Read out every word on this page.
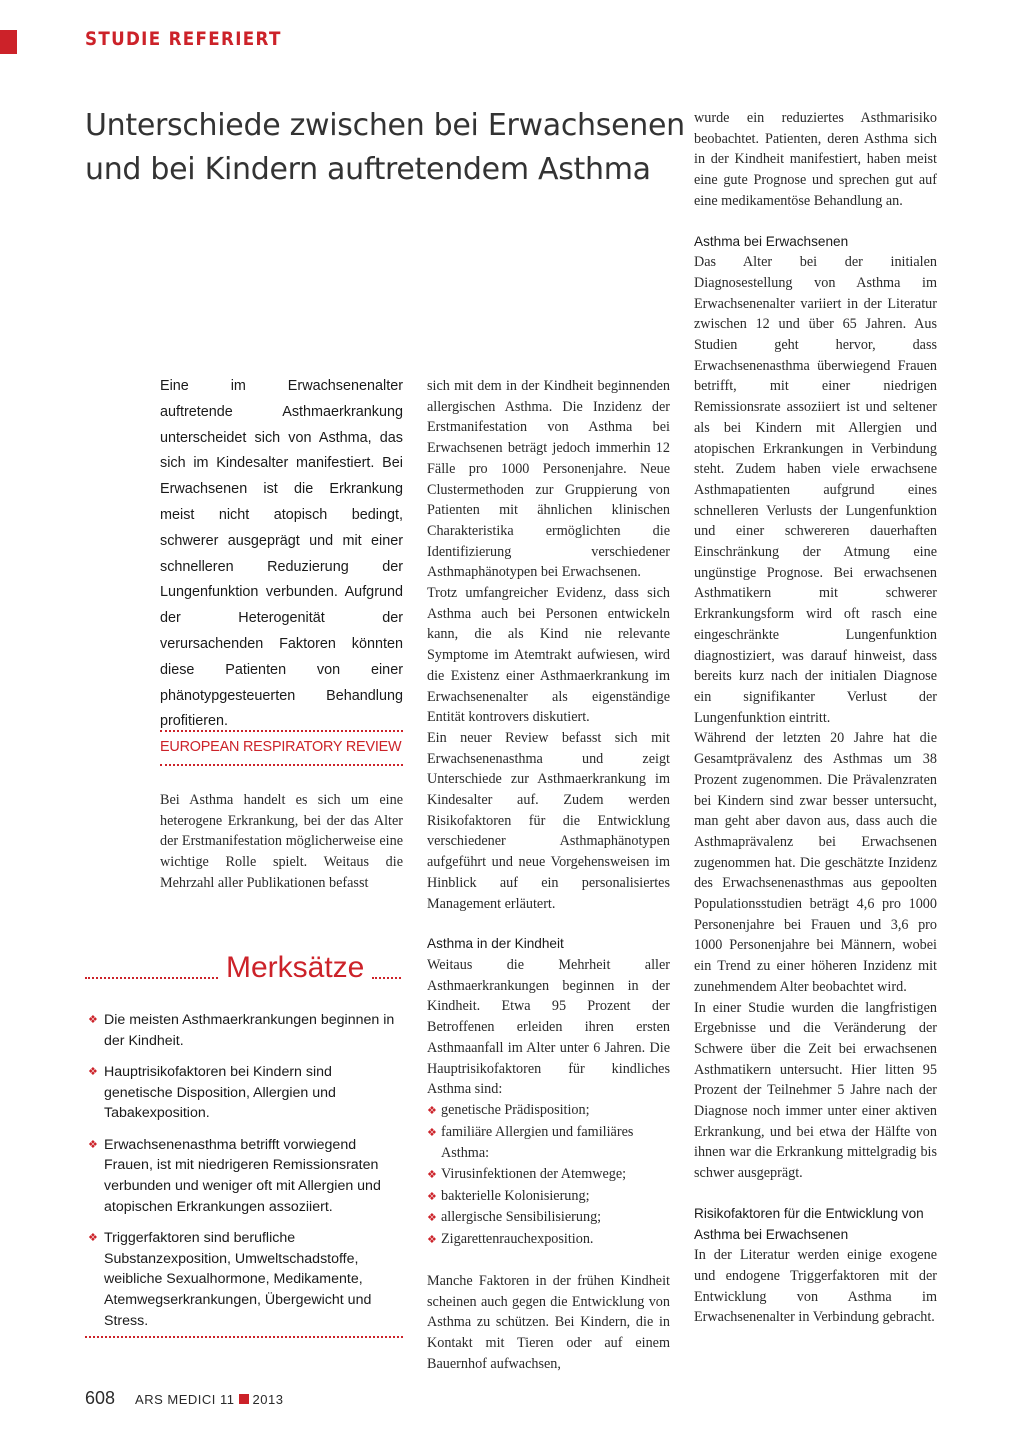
STUDIE REFERIERT
Unterschiede zwischen bei Erwachsenen und bei Kindern auftretendem Asthma

Eine im Erwachsenenalter auftretende Asthmaerkrankung unterscheidet sich von Asthma, das sich im Kindesalter manifestiert. Bei Erwachsenen ist die Erkrankung meist nicht atopisch bedingt, schwerer ausgeprägt und mit einer schnelleren Reduzierung der Lungenfunktion verbunden. Aufgrund der Heterogenität der verursachenden Faktoren könnten diese Patienten von einer phänotypgesteuerten Behandlung profitieren.

EUROPEAN RESPIRATORY REVIEW

Bei Asthma handelt es sich um eine heterogene Erkrankung, bei der das Alter der Erstmanifestation möglicherweise eine wichtige Rolle spielt. Weitaus die Mehrzahl aller Publikationen befasst

Merksätze
❖ Die meisten Asthmaerkrankungen beginnen in der Kindheit.
❖ Hauptrisikofaktoren bei Kindern sind genetische Disposition, Allergien und Tabakexposition.
❖ Erwachsenenasthma betrifft vorwiegend Frauen, ist mit niedrigeren Remissionsraten verbunden und weniger oft mit Allergien und atopischen Erkrankungen assoziiert.
❖ Triggerfaktoren sind berufliche Substanzexposition, Umweltschadstoffe, weibliche Sexualhormone, Medikamente, Atemwegserkrankungen, Übergewicht und Stress.

sich mit dem in der Kindheit beginnenden allergischen Asthma. Die Inzidenz der Erstmanifestation von Asthma bei Erwachsenen beträgt jedoch immerhin 12 Fälle pro 1000 Personenjahre. Neue Clustermethoden zur Gruppierung von Patienten mit ähnlichen klinischen Charakteristika ermöglichten die Identifizierung verschiedener Asthmaphänotypen bei Erwachsenen.

Trotz umfangreicher Evidenz, dass sich Asthma auch bei Personen entwickeln kann, die als Kind nie relevante Symptome im Atemtrakt aufwiesen, wird die Existenz einer Asthmaerkrankung im Erwachsenenalter als eigenständige Entität kontrovers diskutiert.

Ein neuer Review befasst sich mit Erwachsenenasthma und zeigt Unterschiede zur Asthmaerkrankung im Kindesalter auf. Zudem werden Risikofaktoren für die Entwicklung verschiedener Asthmaphänotypen aufgeführt und neue Vorgehensweisen im Hinblick auf ein personalisiertes Management erläutert.

Asthma in der Kindheit

Weitaus die Mehrheit aller Asthmaerkrankungen beginnen in der Kindheit. Etwa 95 Prozent der Betroffenen erleiden ihren ersten Asthmaanfall im Alter unter 6 Jahren. Die Hauptrisikofaktoren für kindliches Asthma sind:

❖ genetische Prädisposition;
❖ familiäre Allergien und familiäres Asthma:
❖ Virusinfektionen der Atemwege;
❖ bakterielle Kolonisierung;
❖ allergische Sensibilisierung;
❖ Zigarettenrauchexposition.

Manche Faktoren in der frühen Kindheit scheinen auch gegen die Entwicklung von Asthma zu schützen. Bei Kindern, die in Kontakt mit Tieren oder auf einem Bauernhof aufwachsen,

wurde ein reduziertes Asthmarisiko beobachtet. Patienten, deren Asthma sich in der Kindheit manifestiert, haben meist eine gute Prognose und sprechen gut auf eine medikamentöse Behandlung an.

Asthma bei Erwachsenen

Das Alter bei der initialen Diagnosestellung von Asthma im Erwachsenenalter variiert in der Literatur zwischen 12 und über 65 Jahren. Aus Studien geht hervor, dass Erwachsenenasthma überwiegend Frauen betrifft, mit einer niedrigen Remissionsrate assoziiert ist und seltener als bei Kindern mit Allergien und atopischen Erkrankungen in Verbindung steht. Zudem haben viele erwachsene Asthmapatienten aufgrund eines schnelleren Verlusts der Lungenfunktion und einer schwereren dauerhaften Einschränkung der Atmung eine ungünstige Prognose. Bei erwachsenen Asthmatikern mit schwerer Erkrankungsform wird oft rasch eine eingeschränkte Lungenfunktion diagnostiziert, was darauf hinweist, dass bereits kurz nach der initialen Diagnose ein signifikanter Verlust der Lungenfunktion eintritt.

Während der letzten 20 Jahre hat die Gesamtprävalenz des Asthmas um 38 Prozent zugenommen. Die Prävalenzraten bei Kindern sind zwar besser untersucht, man geht aber davon aus, dass auch die Asthmaprävalenz bei Erwachsenen zugenommen hat. Die geschätzte Inzidenz des Erwachsenenasthmas aus gepoolten Populationsstudien beträgt 4,6 pro 1000 Personenjahre bei Frauen und 3,6 pro 1000 Personenjahre bei Männern, wobei ein Trend zu einer höheren Inzidenz mit zunehmendem Alter beobachtet wird.

In einer Studie wurden die langfristigen Ergebnisse und die Veränderung der Schwere über die Zeit bei erwachsenen Asthmatikern untersucht. Hier litten 95 Prozent der Teilnehmer 5 Jahre nach der Diagnose noch immer unter einer aktiven Erkrankung, und bei etwa der Hälfte von ihnen war die Erkrankung mittelgradig bis schwer ausgeprägt.

Risikofaktoren für die Entwicklung von Asthma bei Erwachsenen

In der Literatur werden einige exogene und endogene Triggerfaktoren mit der Entwicklung von Asthma im Erwachsenenalter in Verbindung gebracht.

608 ARS MEDICI 11 2013
